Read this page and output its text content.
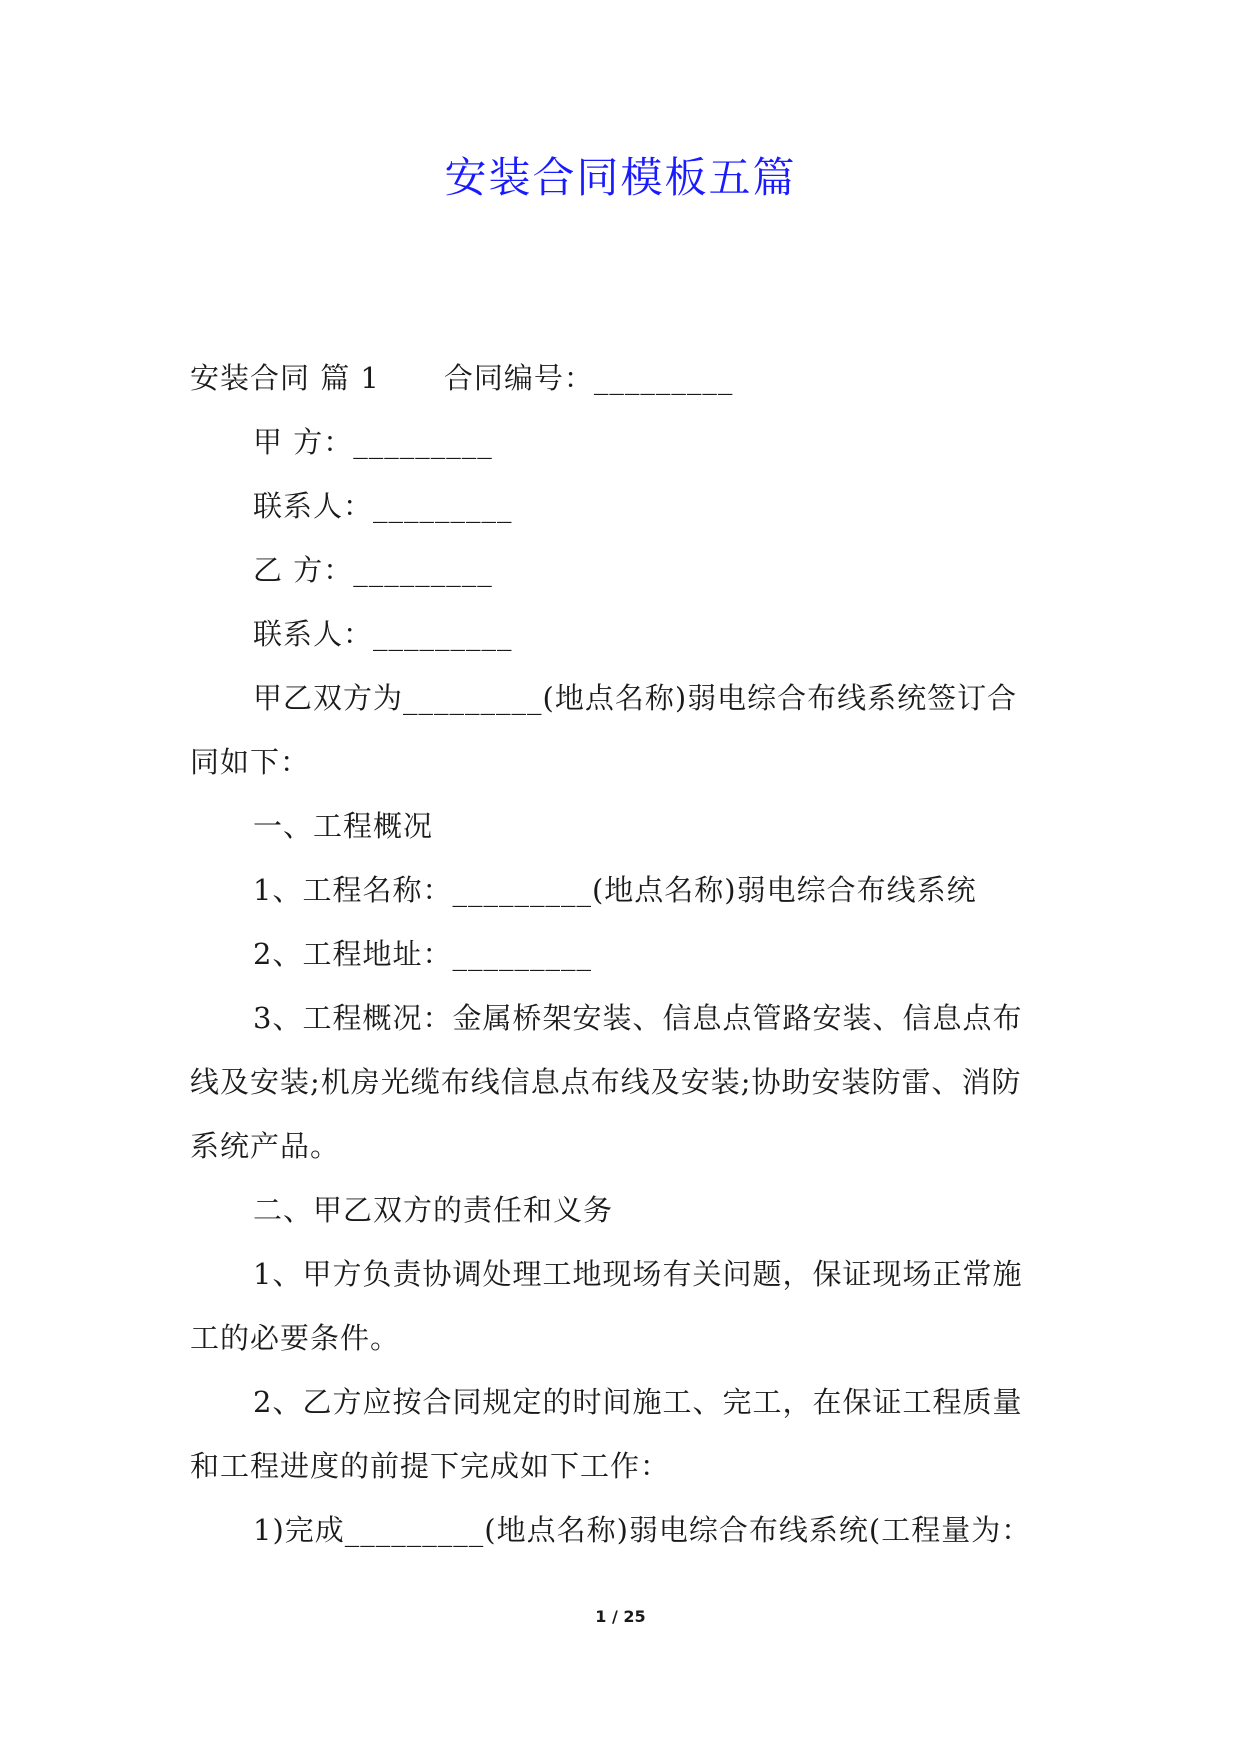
安装合同模板五篇
安装合同 篇 1 合同编号：_________
甲 方：_________
联系人：_________
乙 方：_________
联系人：_________
甲乙双方为_________(地点名称)弱电综合布线系统签订合
同如下：
一、工程概况
1、工程名称：_________(地点名称)弱电综合布线系统
2、工程地址：_________
3、工程概况：金属桥架安装、信息点管路安装、信息点布
线及安装;机房光缆布线信息点布线及安装;协助安装防雷、消防
系统产品。
二、甲乙双方的责任和义务
1、甲方负责协调处理工地现场有关问题，保证现场正常施
工的必要条件。
2、乙方应按合同规定的时间施工、完工，在保证工程质量
和工程进度的前提下完成如下工作：
1)完成_________(地点名称)弱电综合布线系统(工程量为：
1 / 25
